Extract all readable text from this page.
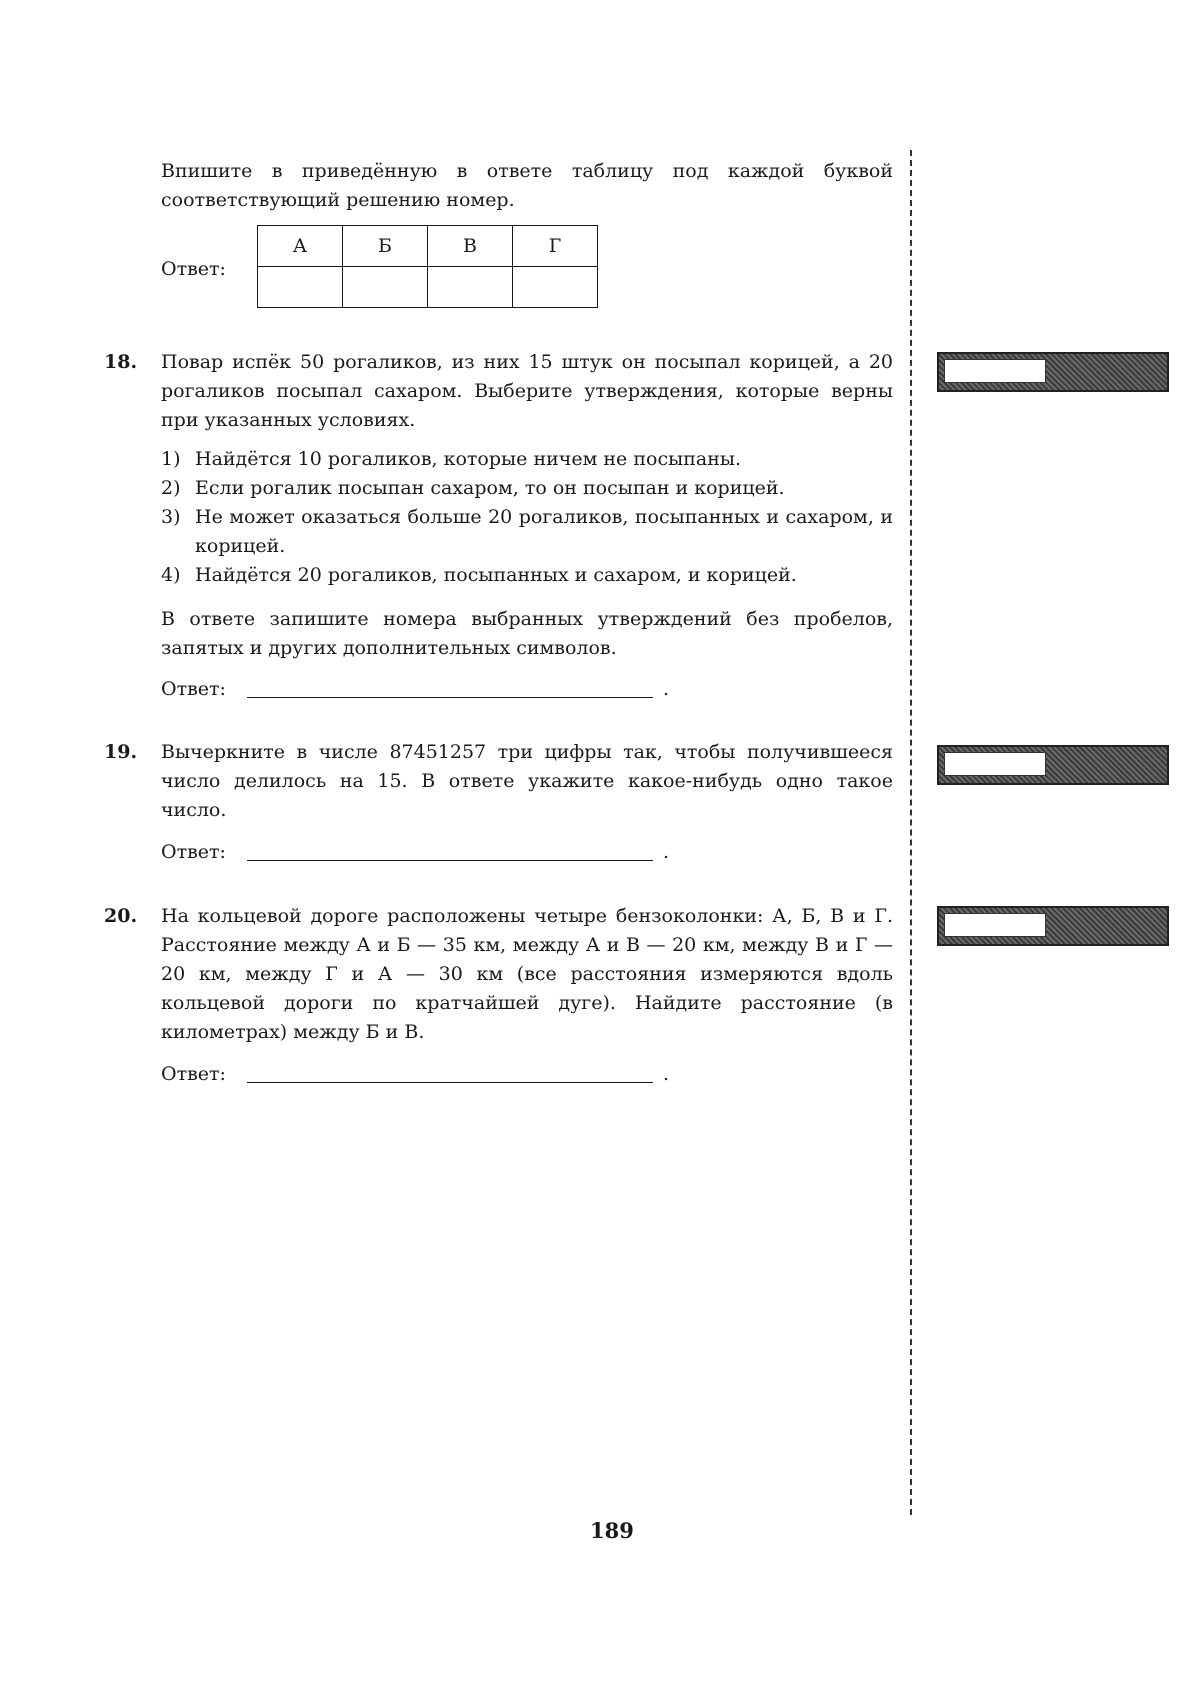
Впишите в приведённую в ответе таблицу под каждой буквой соответствующий решению номер.
Ответ:
А	Б	В	Г

18. Повар испёк 50 рогаликов, из них 15 штук он посыпал корицей, а 20 рогаликов посыпал сахаром. Выберите утверждения, которые верны при указанных условиях.
1) Найдётся 10 рогаликов, которые ничем не посыпаны.
2) Если рогалик посыпан сахаром, то он посыпан и корицей.
3) Не может оказаться больше 20 рогаликов, посыпанных и сахаром, и корицей.
4) Найдётся 20 рогаликов, посыпанных и сахаром, и корицей.
В ответе запишите номера выбранных утверждений без пробелов, запятых и других дополнительных символов.
Ответ:	.
19. Вычеркните в числе 87451257 три цифры так, чтобы получившееся число делилось на 15. В ответе укажите какое-нибудь одно такое число.
Ответ:	.
20. На кольцевой дороге расположены четыре бензоколонки: А, Б, В и Г. Расстояние между А и Б — 35 км, между А и В — 20 км, между В и Г — 20 км, между Г и А — 30 км (все расстояния измеряются вдоль кольцевой дороги по кратчайшей дуге). Найдите расстояние (в километрах) между Б и В.
Ответ:	.
189
